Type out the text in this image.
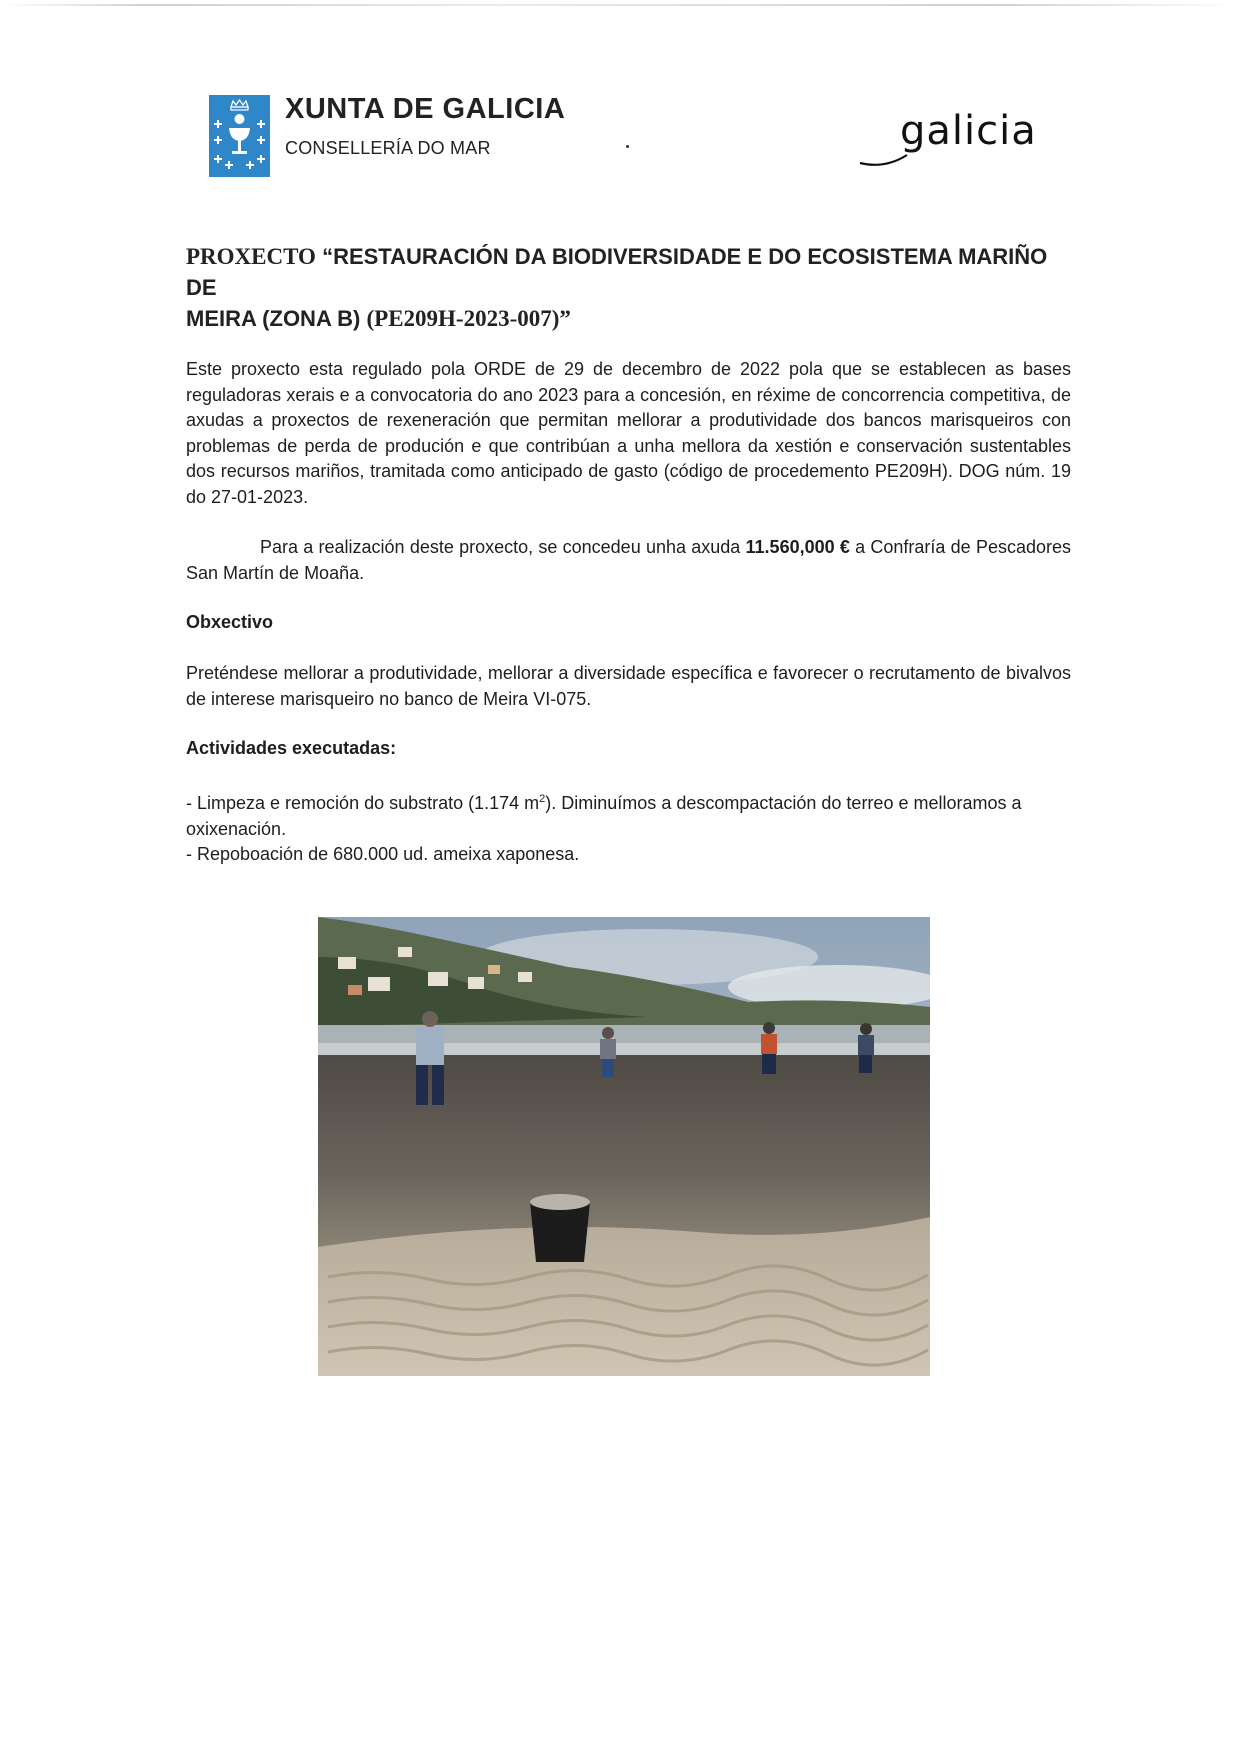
XUNTA DE GALICIA
CONSELLERÍA DO MAR	galicia
PROXECTO “RESTAURACIÓN DA BIODIVERSIDADE E DO ECOSISTEMA MARIÑO DE
MEIRA (ZONA B) (PE209H-2023-007)”
Este proxecto esta regulado pola ORDE de 29 de decembro de 2022 pola que se establecen as bases reguladoras xerais e a convocatoria do ano 2023 para a concesión, en réxime de concorrencia competitiva, de axudas a proxectos de rexeneración que permitan mellorar a produtividade dos bancos marisqueiros con problemas de perda de produción e que contribúan a unha mellora da xestión e conservación sustentables dos recursos mariños, tramitada como anticipado de gasto (código de procedemento PE209H). DOG núm. 19 do 27-01-2023.
Para a realización deste proxecto, se concedeu unha axuda 11.560,000 € a Confraría de Pescadores San Martín de Moaña.
Obxectivo
Preténdese mellorar a produtividade, mellorar a diversidade específica e favorecer o recrutamento de bivalvos de interese marisqueiro no banco de Meira VI-075.
Actividades executadas:
- Limpeza e remoción do substrato (1.174 $m^2$). Diminuímos a descompactación do terreo e melloramos a oxixenación.
- Repoboación de 680.000 ud. ameixa xaponesa.
